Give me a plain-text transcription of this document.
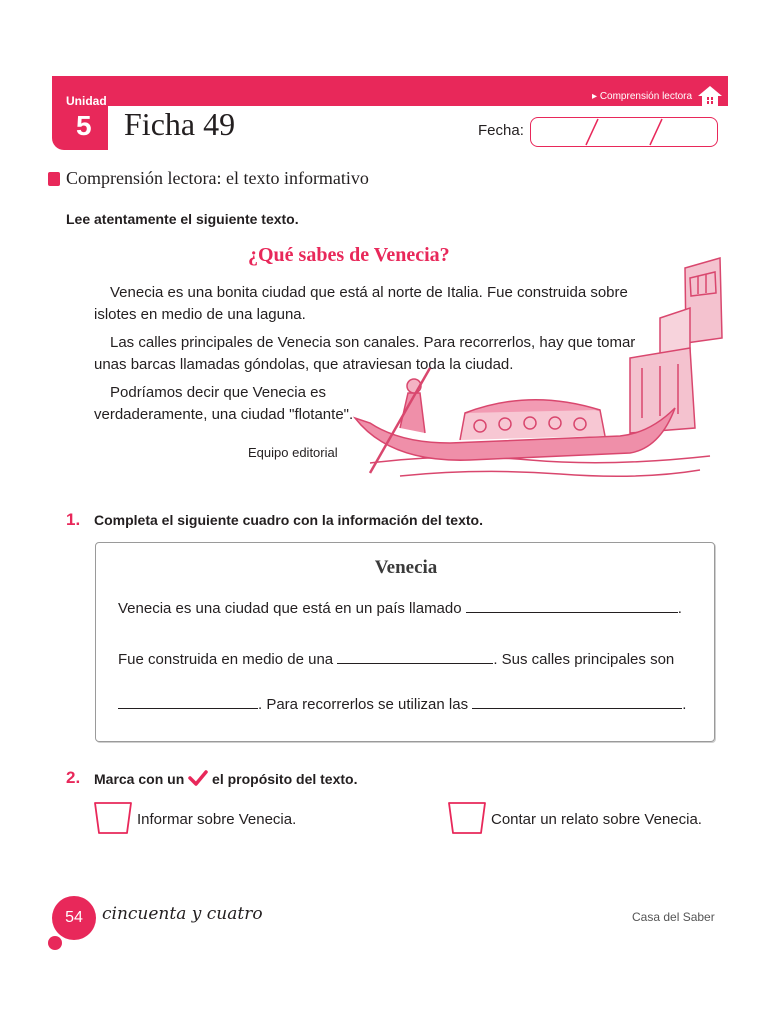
Unidad
5 Ficha 49
▸ Comprensión lectora
Fecha:
Comprensión lectora: el texto informativo
Lee atentamente el siguiente texto.
¿Qué sabes de Venecia?
Venecia es una bonita ciudad que está al norte de Italia. Fue construida sobre
islotes en medio de una laguna.
Las calles principales de Venecia son canales. Para recorrerlos, hay que tomar
unas barcas llamadas góndolas, que atraviesan toda la ciudad.
Podríamos decir que Venecia es
verdaderamente, una ciudad "flotante".
Equipo editorial
1. Completa el siguiente cuadro con la información del texto.
Venecia
Venecia es una ciudad que está en un país llamado	.
Fue construida en medio de una	. Sus calles principales son
. Para recorrerlos se utilizan las	.
2. Marca con un el propósito del texto.
Informar sobre Venecia.	Contar un relato sobre Venecia.
54	cincuenta y cuatro	Casa del Saber
